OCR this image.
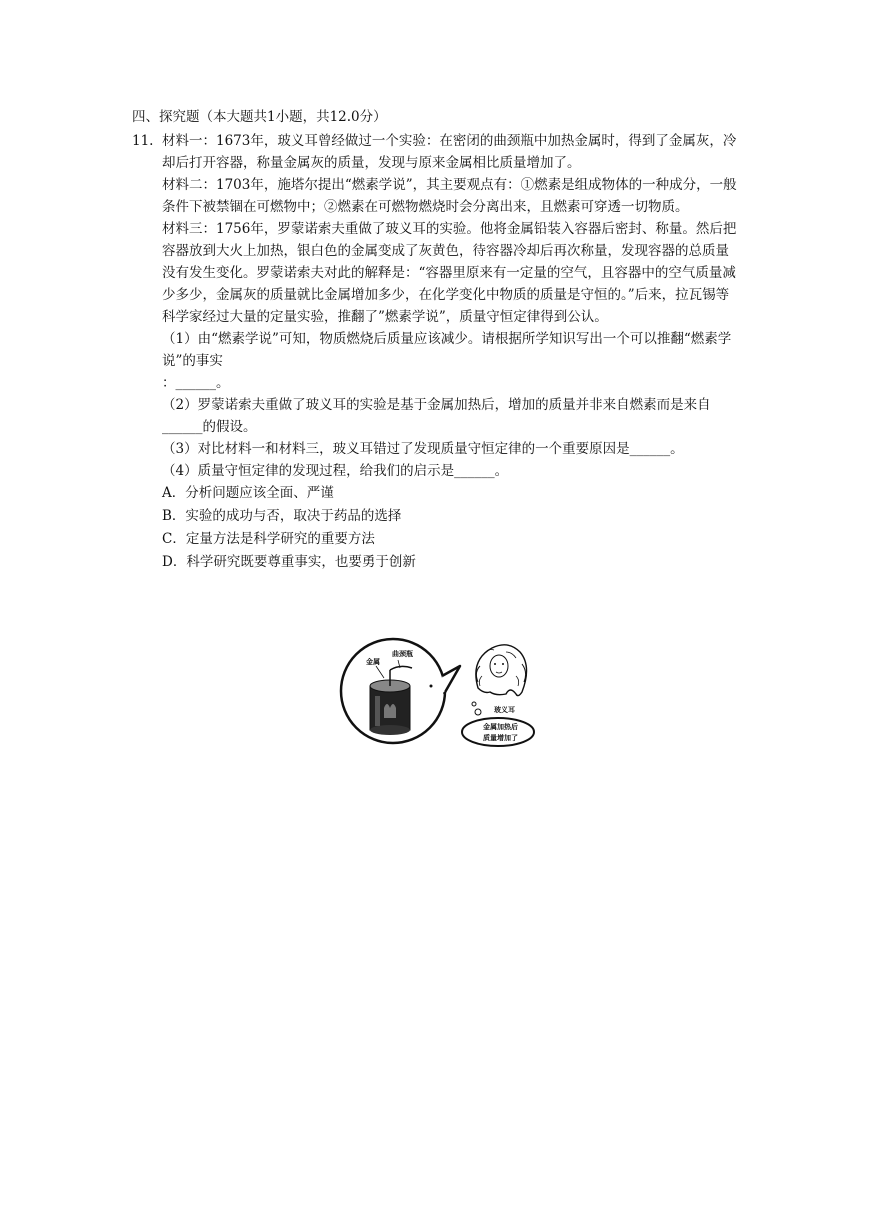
四、探究题（本大题共1小题，共12.0分）
11. 材料一：1673年，玻义耳曾经做过一个实验：在密闭的曲颈瓶中加热金属时，得到了金属灰，冷却后打开容器，称量金属灰的质量，发现与原来金属相比质量增加了。

材料二：1703年，施塔尔提出“燃素学说”，其主要观点有：①燃素是组成物体的一种成分，一般条件下被禁锢在可燃物中；②燃素在可燃物燃烧时会分离出来，且燃素可穿透一切物质。

材料三：1756年，罗蒙诺索夫重做了玻义耳的实验。他将金属铅装入容器后密封、称量。然后把容器放到大火上加热，银白色的金属变成了灰黄色，待容器冷却后再次称量，发现容器的总质量没有发生变化。罗蒙诺索夫对此的解释是：“容器里原来有一定量的空气，且容器中的空气质量减少多少，金属灰的质量就比金属增加多少，在化学变化中物质的质量是守恒的。”后来，拉瓦锡等科学家经过大量的定量实验，推翻了”燃素学说”，质量守恒定律得到公认。

（1）由“燃素学说”可知，物质燃烧后质量应该减少。请根据所学知识写出一个可以推翻“燃素学说”的事实

：______。

（2）罗蒙诺索夫重做了玻义耳的实验是基于金属加热后，增加的质量并非来自燃素而是来自______的假设。

（3）对比材料一和材料三，玻义耳错过了发现质量守恒定律的一个重要原因是______。

（4）质量守恒定律的发现过程，给我们的启示是______。

A．分析问题应该全面、严谨

B．实验的成功与否，取决于药品的选择

C．定量方法是科学研究的重要方法

D．科学研究既要尊重事实，也要勇于创新

金属
曲颈瓶
玻义耳
金属加热后
质量增加了
